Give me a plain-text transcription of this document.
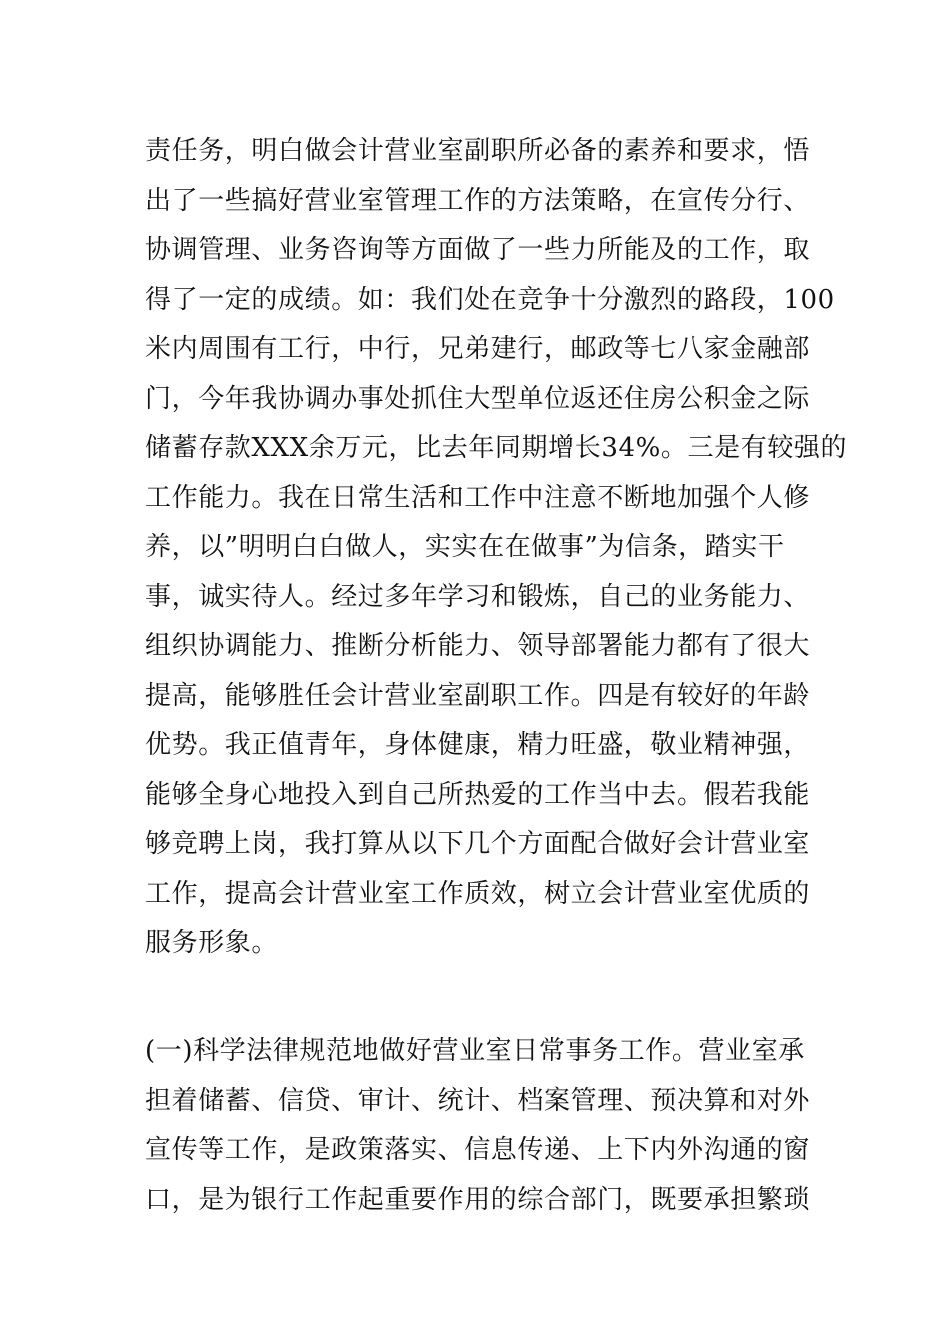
责任务，明白做会计营业室副职所必备的素养和要求，悟
出了一些搞好营业室管理工作的方法策略，在宣传分行、
协调管理、业务咨询等方面做了一些力所能及的工作，取
得了一定的成绩。如：我们处在竞争十分激烈的路段，100
米内周围有工行，中行，兄弟建行，邮政等七八家金融部
门，今年我协调办事处抓住大型单位返还住房公积金之际
储蓄存款XXX余万元，比去年同期增长34%。三是有较强的
工作能力。我在日常生活和工作中注意不断地加强个人修
养，以”明明白白做人，实实在在做事”为信条，踏实干
事，诚实待人。经过多年学习和锻炼，自己的业务能力、
组织协调能力、推断分析能力、领导部署能力都有了很大
提高，能够胜任会计营业室副职工作。四是有较好的年龄
优势。我正值青年，身体健康，精力旺盛，敬业精神强，
能够全身心地投入到自己所热爱的工作当中去。假若我能
够竞聘上岗，我打算从以下几个方面配合做好会计营业室
工作，提高会计营业室工作质效，树立会计营业室优质的
服务形象。
(一)科学法律规范地做好营业室日常事务工作。营业室承
担着储蓄、信贷、审计、统计、档案管理、预决算和对外
宣传等工作，是政策落实、信息传递、上下内外沟通的窗
口，是为银行工作起重要作用的综合部门，既要承担繁琐
